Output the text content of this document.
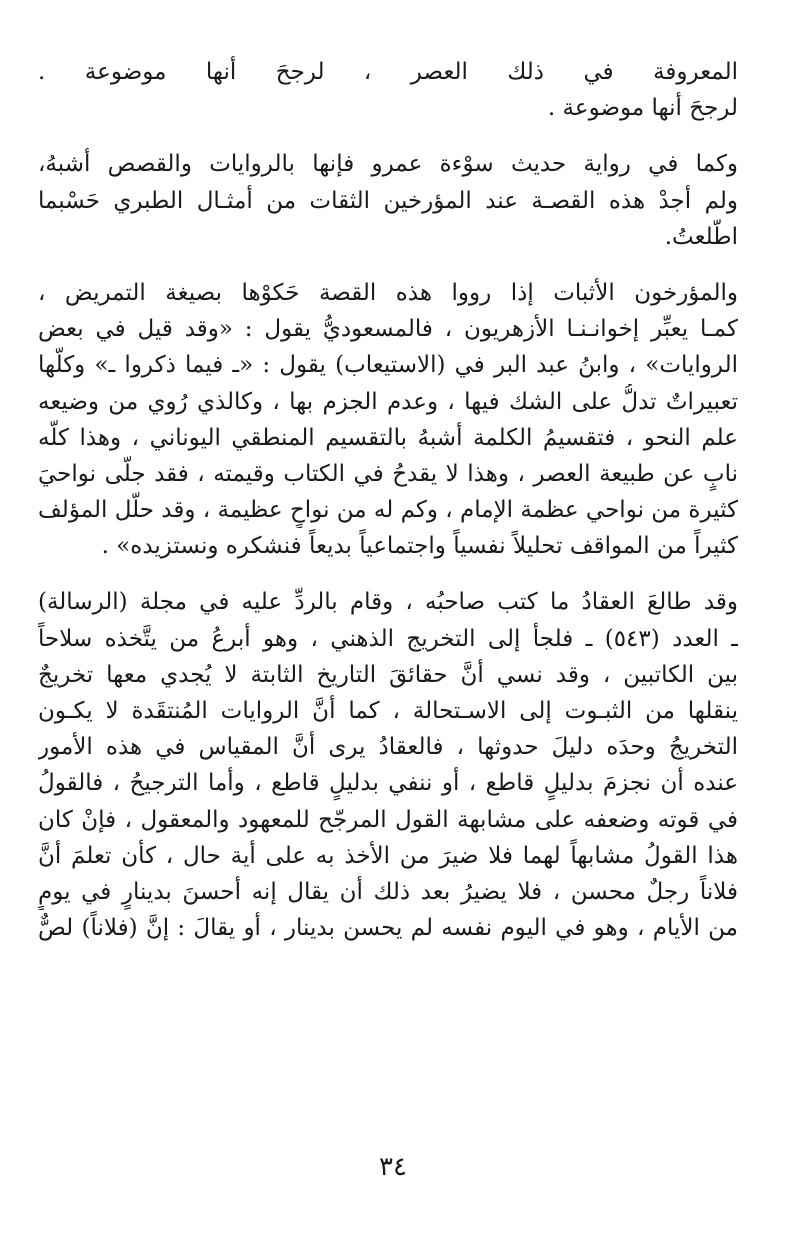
المعروفة في ذلك العصر ، لرجحَ أنها موضوعة .
لرجحَ أنها موضوعة .
وكما في رواية حديث سوْءة عمرو فإنها بالروايات والقصص أشبهُ،
ولم أجدْ هذه القصـة عند المؤرخين الثقات من أمثـال الطبري حَسْبما
اطّلعتُ.
والمؤرخون الأثبات إذا رووا هذه القصة حَكوْها بصيغة التمريض ،
كمـا يعبِّر إخوانـنـا الأزهريون ، فالمسعوديُّ يقول : «وقد قيل في بعض
الروايات» ، وابنُ عبد البر في (الاستيعاب) يقول : «ـ فيما ذكروا ـ» وكلُّها
تعبيراتٌ تدلُّ على الشك فيها ، وعدم الجزم بها ، وكالذي رُوي من وضيعه
علم النحو ، فتقسيمُ الكلمة أشبهُ بالتقسيم المنطقي اليوناني ، وهذا كلُّه
نابٍ عن طبيعة العصر ، وهذا لا يقدحُ في الكتاب وقيمته ، فقد جلّى نواحيَ
كثيرة من نواحي عظمة الإمام ، وكم له من نواحٍ عظيمة ، وقد حلّل المؤلف
كثيراً من المواقف تحليلاً نفسياً واجتماعياً بديعاً فنشكره ونستزيده» .
وقد طالعَ العقادُ ما كتب صاحبُه ، وقام بالردِّ عليه في مجلة (الرسالة)
ـ العدد (٥٤٣) ـ فلجأ إلى التخريج الذهني ، وهو أبرعُ من يتَّخذه سلاحاً
بين الكاتبين ، وقد نسي أنَّ حقائقَ التاريخ الثابتة لا يُجدي معها تخريجٌ
ينقلها من الثبـوت إلى الاسـتحالة ، كما أنَّ الروايات المُنتقَدة لا يكـون
التخريجُ وحدَه دليلَ حدوثها ، فالعقادُ يرى أنَّ المقياس في هذه الأمور
عنده أن نجزمَ بدليلٍ قاطع ، أو ننفي بدليلٍ قاطع ، وأما الترجيحُ ، فالقولُ
في قوته وضعفه على مشابهة القول المرجّح للمعهود والمعقول ، فإنْ كان
هذا القولُ مشابهاً لهما فلا ضيرَ من الأخذ به على أية حال ، كأن تعلمَ أنَّ
فلاناً رجلٌ محسن ، فلا يضيرُ بعد ذلك أن يقال إنه أحسنَ بدينارٍ في يومٍ
من الأيام ، وهو في اليوم نفسه لم يحسن بدينار ، أو يقالَ : إنَّ (فلاناً) لصٌّ
٣٤
